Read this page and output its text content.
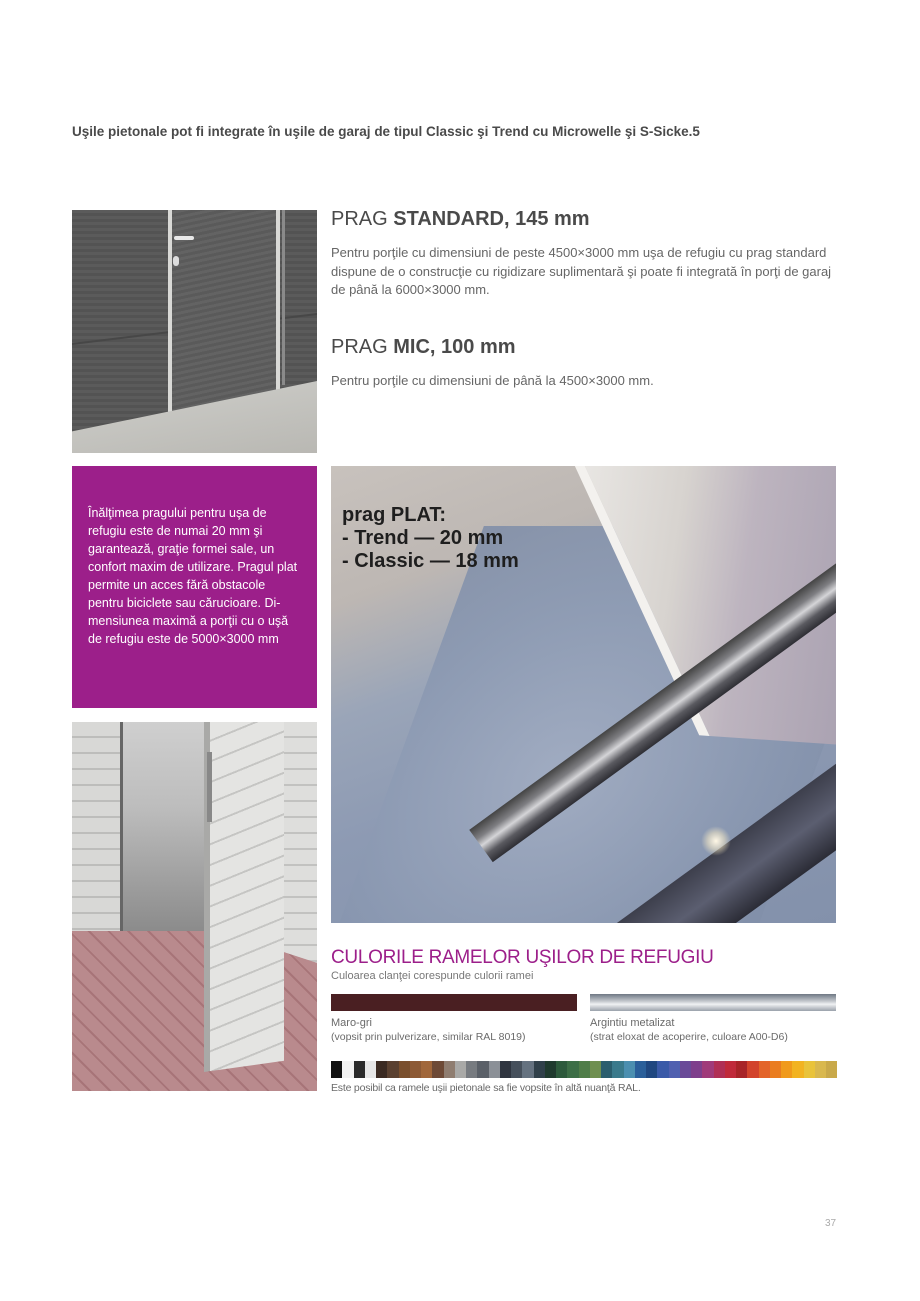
Uşile pietonale pot fi integrate în uşile de garaj de tipul Classic şi Trend cu Microwelle şi S-Sicke.5
PRAG STANDARD, 145 mm

Pentru porţile cu dimensiuni de peste 4500×3000 mm uşa de refugiu cu prag standard dispune de o construcţie cu rigidizare suplimentară şi poate fi integrată în porţi de garaj de până la 6000×3000 mm.

PRAG MIC, 100 mm

Pentru porţile cu dimensiuni de până la 4500×3000 mm.

Înălţimea pragului pentru uşa de refugiu este de numai 20 mm şi garantează, graţie formei sale, un confort maxim de utilizare. Pragul plat permite un acces fără obstacole pentru biciclete sau cărucioare. Dimensiunea maximă a porţii cu o uşă de refugiu este de 5000×3000 mm

prag PLAT:
- Trend — 20 mm
- Classic — 18 mm
CULORILE RAMELOR UŞILOR DE REFUGIU
Culoarea clanţei corespunde culorii ramei
Maro-gri
(vopsit prin pulverizare, similar RAL 8019)
Argintiu metalizat
(strat eloxat de acoperire, culoare A00-D6)
Este posibil ca ramele uşii pietonale sa fie vopsite în altă nuanţă RAL.
37
